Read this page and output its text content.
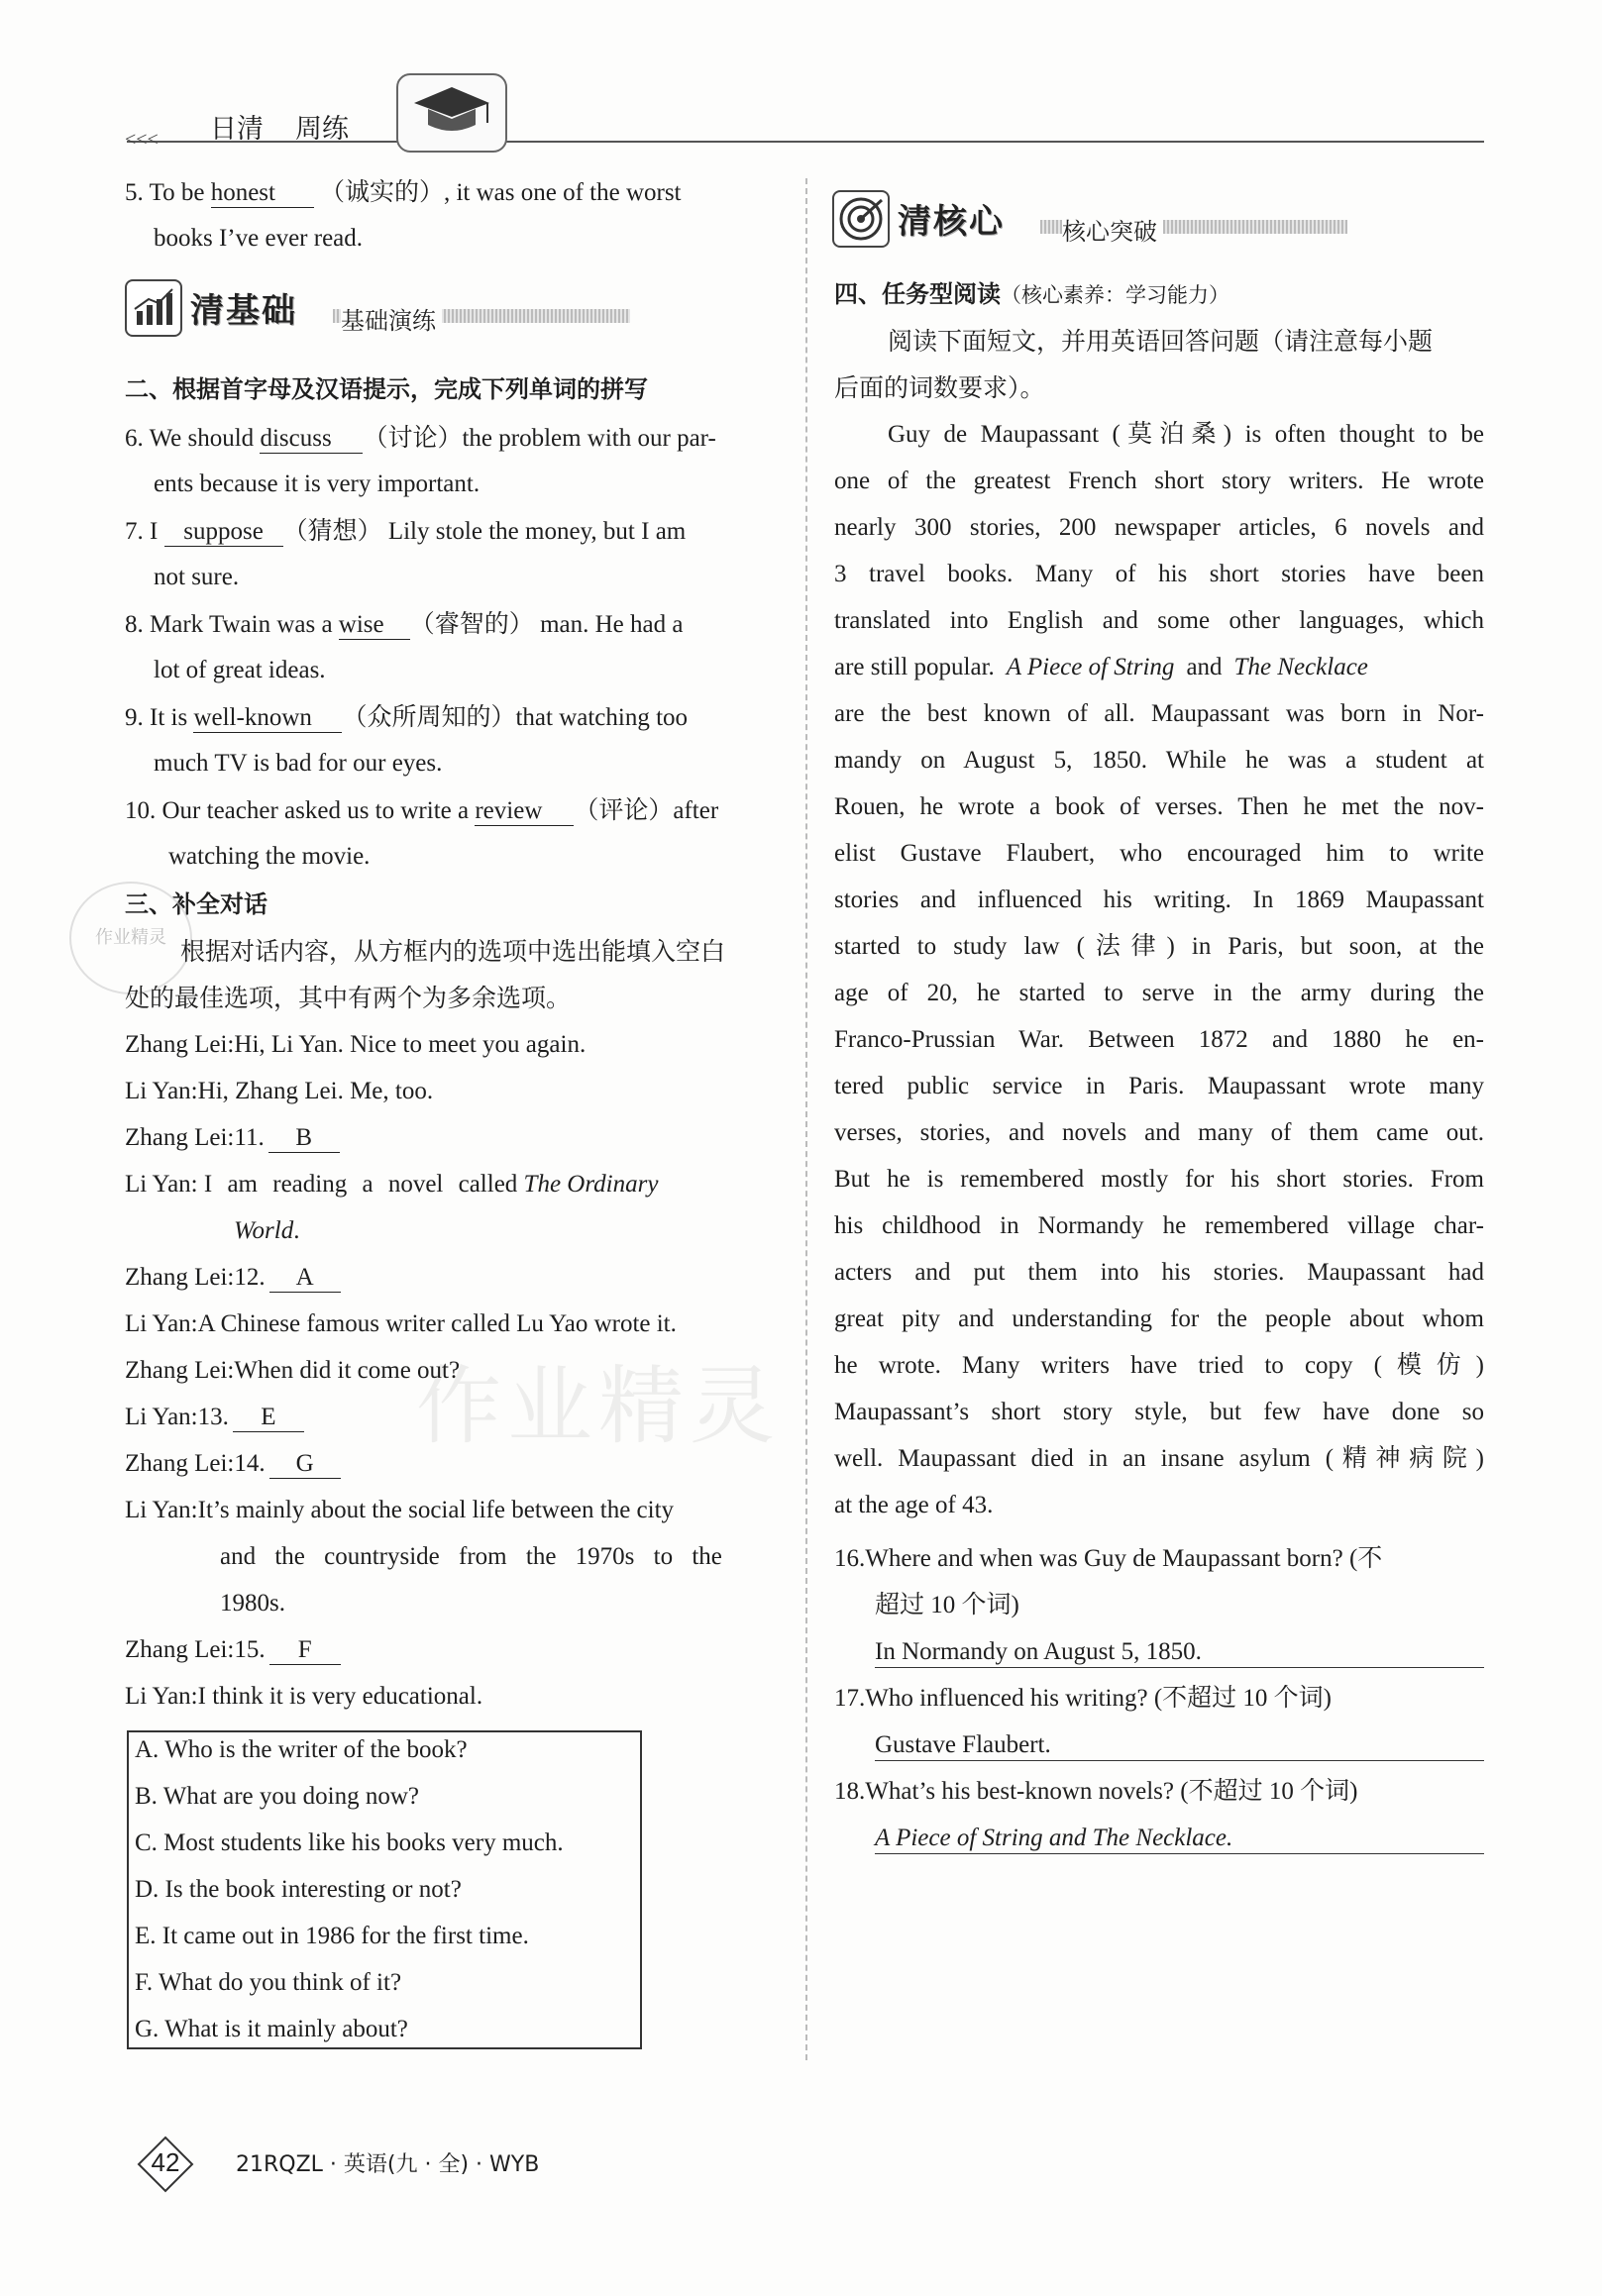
<<< 日清 周练
5. To be honest （诚实的）, it was one of the worst
books I’ve ever read.
清基础 基础演练
二、根据首字母及汉语提示，完成下列单词的拼写
6. We should discuss （讨论）the problem with our par-
ents because it is very important.
7. I suppose （猜想） Lily stole the money, but I am
not sure.
8. Mark Twain was a wise （睿智的） man. He had a
lot of great ideas.
9. It is well-known （众所周知的）that watching too
much TV is bad for our eyes.
10. Our teacher asked us to write a review （评论）after
watching the movie.
三、补全对话
作业精灵 根据对话内容，从方框内的选项中选出能填入空白
处的最佳选项，其中有两个为多余选项。
Zhang Lei:Hi, Li Yan. Nice to meet you again.
Li Yan:Hi, Zhang Lei. Me, too.
Zhang Lei:11. B
Li Yan: I am reading a novel called The Ordinary
World.
Zhang Lei:12. A
Li Yan:A Chinese famous writer called Lu Yao wrote it.
Zhang Lei:When did it come out?
Li Yan:13. E
Zhang Lei:14. G
Li Yan:It’s mainly about the social life between the city
and the countryside from the 1970s to the
1980s.
Zhang Lei:15. F
Li Yan:I think it is very educational.
A. Who is the writer of the book?
B. What are you doing now?
C. Most students like his books very much.
D. Is the book interesting or not?
E. It came out in 1986 for the first time.
F. What do you think of it?
G. What is it mainly about?
清核心 核心突破
四、任务型阅读（核心素养：学习能力）
阅读下面短文，并用英语回答问题（请注意每小题
后面的词数要求）。
Guy de Maupassant (莫泊桑) is often thought to be
one of the greatest French short story writers. He wrote
nearly 300 stories, 200 newspaper articles, 6 novels and
3 travel books. Many of his short stories have been
translated into English and some other languages, which
are still popular. A Piece of String and The Necklace
are the best known of all. Maupassant was born in Nor-
mandy on August 5, 1850. While he was a student at
Rouen, he wrote a book of verses. Then he met the nov-
elist Gustave Flaubert, who encouraged him to write
stories and influenced his writing. In 1869 Maupassant
started to study law (法律) in Paris, but soon, at the
age of 20, he started to serve in the army during the
Franco-Prussian War. Between 1872 and 1880 he en-
tered public service in Paris. Maupassant wrote many
verses, stories, and novels and many of them came out.
But he is remembered mostly for his short stories. From
his childhood in Normandy he remembered village char-
acters and put them into his stories. Maupassant had
great pity and understanding for the people about whom
he wrote. Many writers have tried to copy (模仿)
Maupassant’s short story style, but few have done so
well. Maupassant died in an insane asylum (精神病院)
at the age of 43.
16.Where and when was Guy de Maupassant born? (不
超过 10 个词)
In Normandy on August 5, 1850.
17.Who influenced his writing? (不超过 10 个词)
Gustave Flaubert.
18.What’s his best-known novels? (不超过 10 个词)
A Piece of String and The Necklace.
作业精灵
42	21RQZL · 英语(九 · 全) · WYB
